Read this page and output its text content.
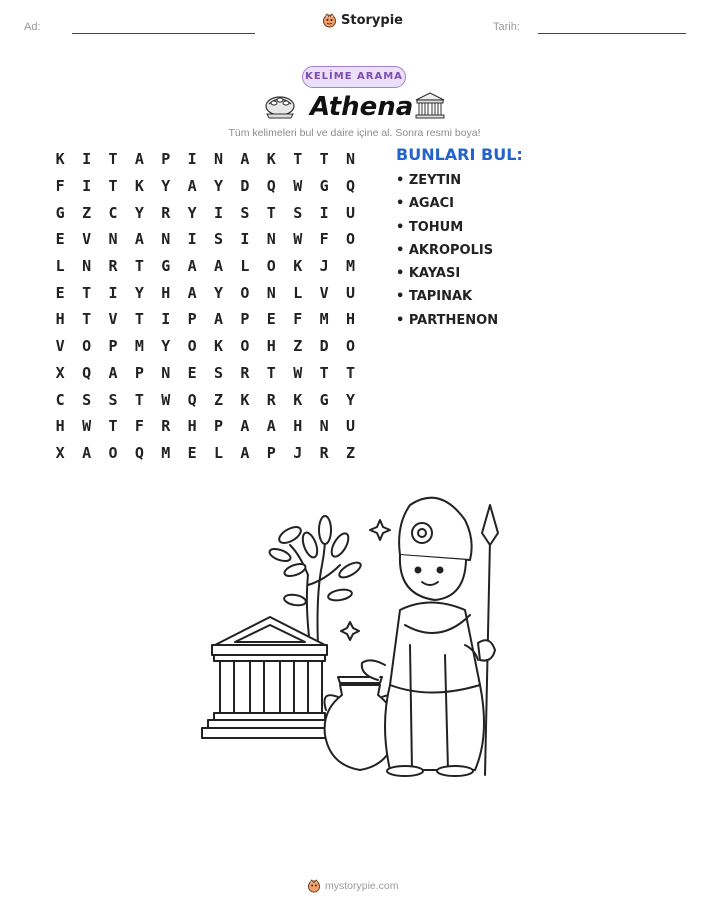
Ad:	Storypie	Tarih:
KELİME ARAMA
Athena
Tüm kelimeleri bul ve daire içine al. Sonra resmi boya!
K	I	T	A	P	I	N	A	K	T	T	N
F	I	T	K	Y	A	Y	D	Q	W	G	Q
G	Z	C	Y	R	Y	I	S	T	S	I	U
E	V	N	A	N	I	S	I	N	W	F	O
L	N	R	T	G	A	A	L	O	K	J	M
E	T	I	Y	H	A	Y	O	N	L	V	U
H	T	V	T	I	P	A	P	E	F	M	H
V	O	P	M	Y	O	K	O	H	Z	D	O
X	Q	A	P	N	E	S	R	T	W	T	T
C	S	S	T	W	Q	Z	K	R	K	G	Y
H	W	T	F	R	H	P	A	A	H	N	U
X	A	O	Q	M	E	L	A	P	J	R	Z
BUNLARI BUL:
• ZEYTIN
• AGACI
• TOHUM
• AKROPOLIS
• KAYASI
• TAPINAK
• PARTHENON
mystorypie.com
